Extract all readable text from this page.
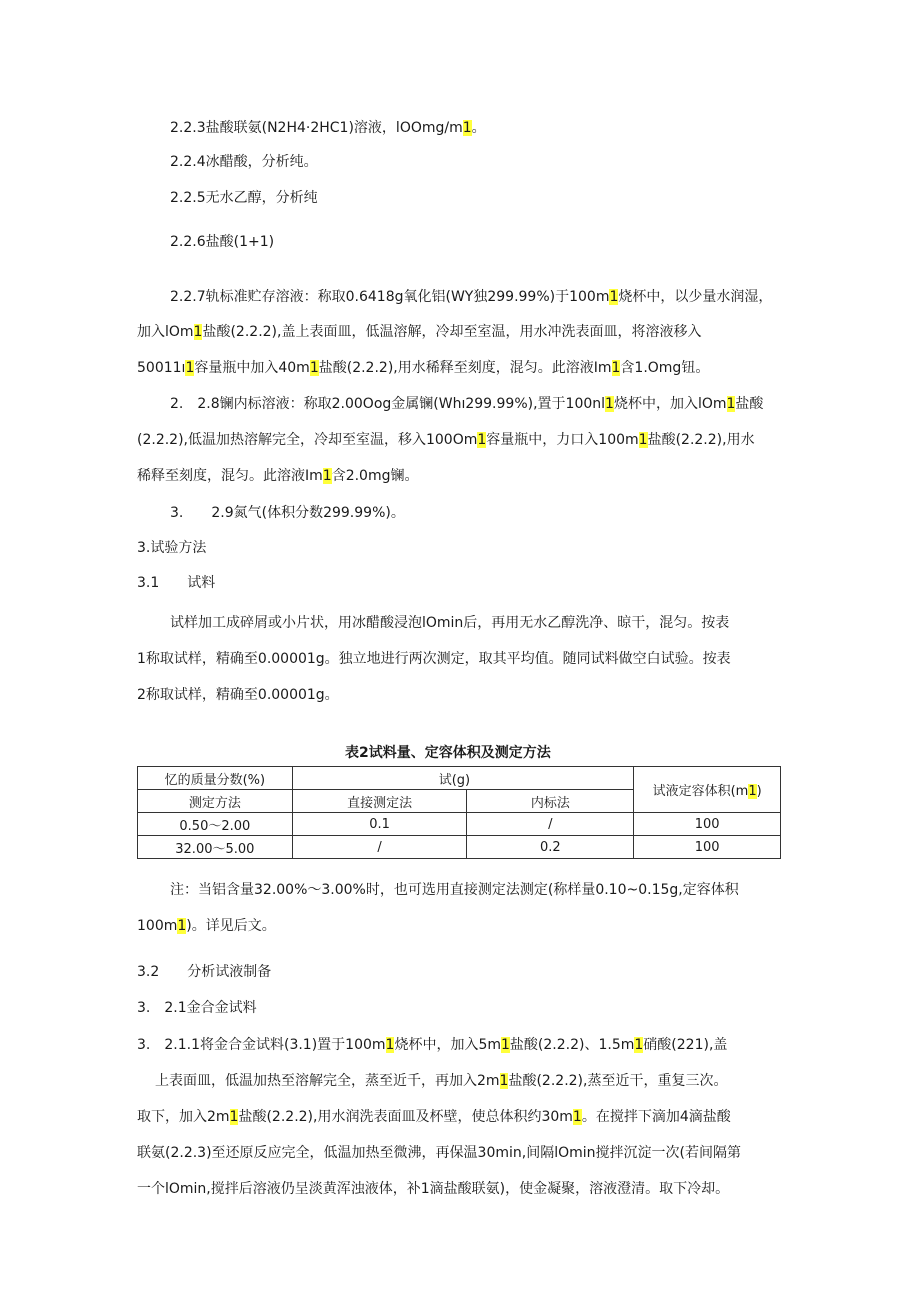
2.2.3盐酸联氨(N2H4·2HC1)溶液，lOOmg/m1。
2.2.4冰醋酸，分析纯。
2.2.5无水乙醇，分析纯
2.2.6盐酸(1+1)
2.2.7轨标准贮存溶液：称取0.6418g氧化铝(WY独299.99%)于100m1烧杯中，以少量水润湿，
加入lOm1盐酸(2.2.2),盖上表面皿，低温溶解，冷却至室温，用水冲洗表面皿，将溶液移入
50011ı1容量瓶中加入40m1盐酸(2.2.2),用水稀释至刻度，混匀。此溶液Im1含1.Omg钮。
2.　2.8镧内标溶液：称取2.00Oog金属镧(Whı299.99%),置于100nl1烧杯中，加入lOm1盐酸
(2.2.2),低温加热溶解完全，冷却至室温，移入100Om1容量瓶中，力口入100m1盐酸(2.2.2),用水
稀释至刻度，混匀。此溶液Im1含2.0mg镧。
3.　　2.9氮气(体积分数299.99%)。
3.试验方法
3.1　　试料
试样加工成碎屑或小片状，用冰醋酸浸泡lOmin后，再用无水乙醇洗净、晾干，混匀。按表
1称取试样，精确至0.00001g。独立地进行两次测定，取其平均值。随同试料做空白试验。按表
2称取试样，精确至0.00001g。
表2试料量、定容体积及测定方法
忆的质量分数(%)	试(g)		试液定容体积(m1)
测定方法	直接测定法	内标法	
0.50～2.00	0.1	/	100
32.00～5.00	/	0.2	100
注：当铝含量32.00%～3.00%时，也可选用直接测定法测定(称样量0.10~0.15g,定容体积
100m1)。详见后文。
3.2　　分析试液制备
3.　2.1金合金试料
3.　2.1.1将金合金试料(3.1)置于100m1烧杯中，加入5m1盐酸(2.2.2)、1.5m1硝酸(221),盖
上表面皿，低温加热至溶解完全，蒸至近千，再加入2m1盐酸(2.2.2),蒸至近干，重复三次。
取下，加入2m1盐酸(2.2.2),用水润洗表面皿及杯壁，使总体积约30m1。在搅拌下滴加4滴盐酸
联氨(2.2.3)至还原反应完全，低温加热至微沸，再保温30min,间隔lOmin搅拌沉淀一次(若间隔第
一个lOmin,搅拌后溶液仍呈淡黄浑浊液体，补1滴盐酸联氨)，使金凝聚，溶液澄清。取下冷却。
